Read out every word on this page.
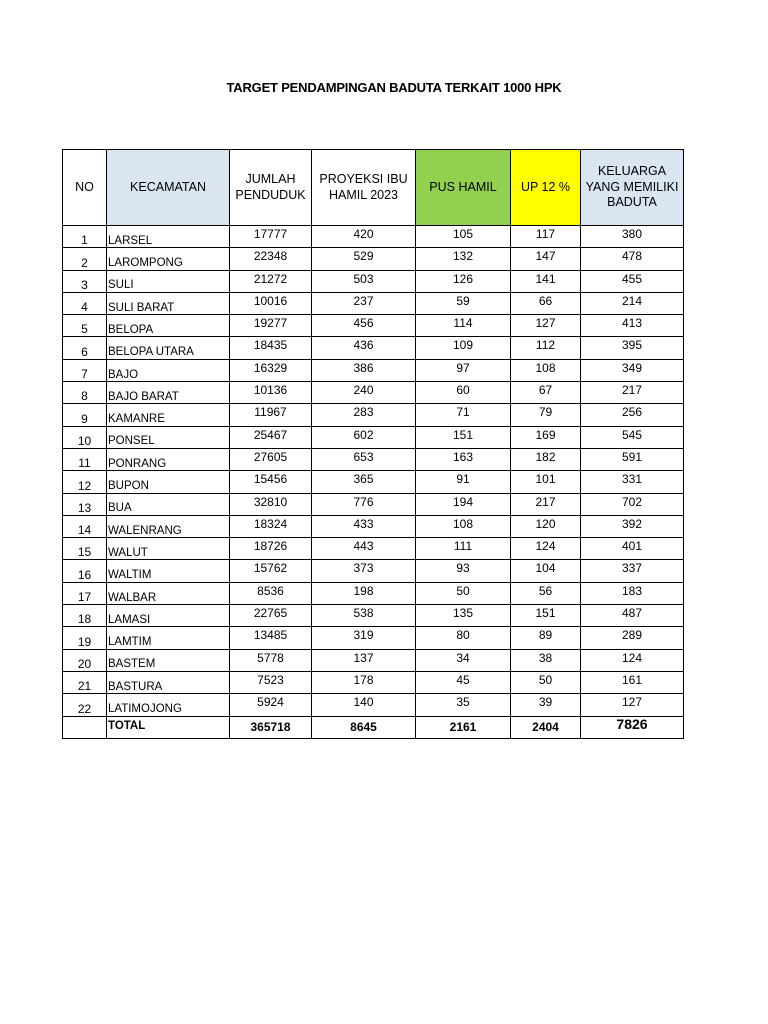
TARGET PENDAMPINGAN BADUTA TERKAIT 1000 HPK
NO	KECAMATAN	JUMLAH PENDUDUK	PROYEKSI IBU HAMIL 2023	PUS HAMIL	UP 12 %	KELUARGA YANG MEMILIKI BADUTA
1	LARSEL	17777	420	105	117	380
2	LAROMPONG	22348	529	132	147	478
3	SULI	21272	503	126	141	455
4	SULI BARAT	10016	237	59	66	214
5	BELOPA	19277	456	114	127	413
6	BELOPA UTARA	18435	436	109	112	395
7	BAJO	16329	386	97	108	349
8	BAJO BARAT	10136	240	60	67	217
9	KAMANRE	11967	283	71	79	256
10	PONSEL	25467	602	151	169	545
11	PONRANG	27605	653	163	182	591
12	BUPON	15456	365	91	101	331
13	BUA	32810	776	194	217	702
14	WALENRANG	18324	433	108	120	392
15	WALUT	18726	443	111	124	401
16	WALTIM	15762	373	93	104	337
17	WALBAR	8536	198	50	56	183
18	LAMASI	22765	538	135	151	487
19	LAMTIM	13485	319	80	89	289
20	BASTEM	5778	137	34	38	124
21	BASTURA	7523	178	45	50	161
22	LATIMOJONG	5924	140	35	39	127
	TOTAL	365718	8645	2161	2404	7826
